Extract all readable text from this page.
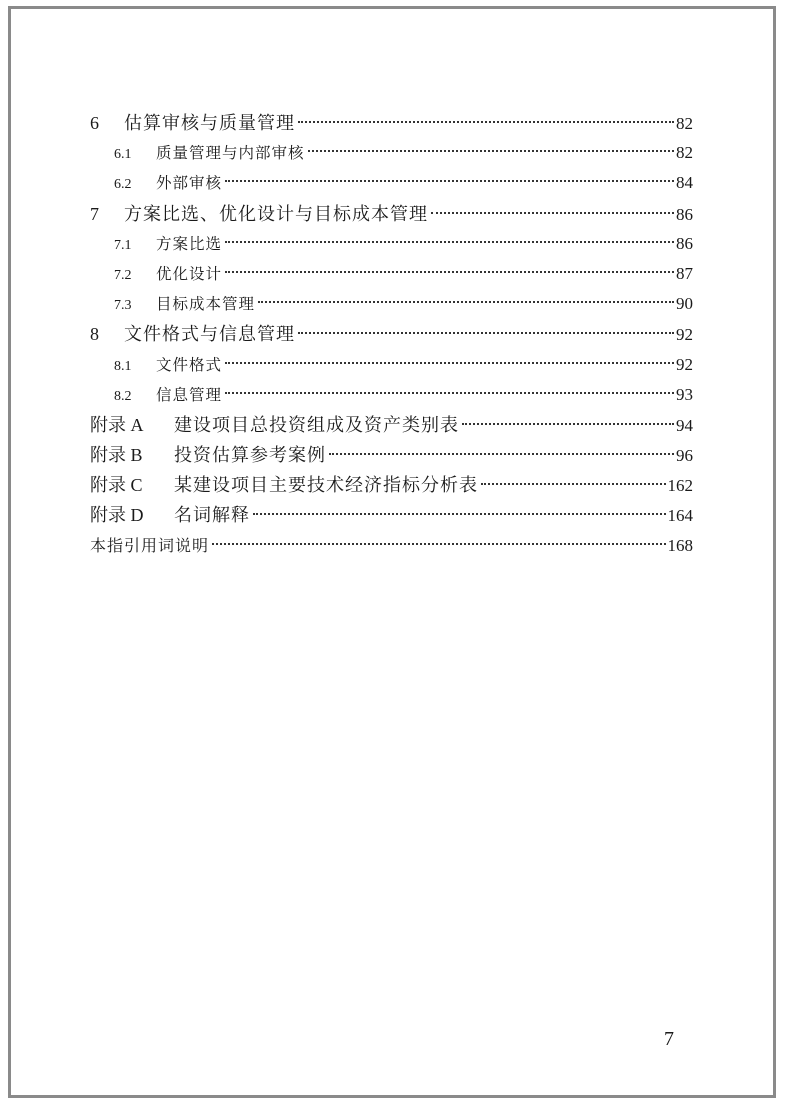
6	估算审核与质量管理	82
6.1	质量管理与内部审核	82
6.2	外部审核	84
7	方案比选、优化设计与目标成本管理	86
7.1	方案比选	86
7.2	优化设计	87
7.3	目标成本管理	90
8	文件格式与信息管理	92
8.1	文件格式	92
8.2	信息管理	93
附录 A	建设项目总投资组成及资产类别表	94
附录 B	投资估算参考案例	96
附录 C	某建设项目主要技术经济指标分析表	162
附录 D	名词解释	164
本指引用词说明	168
7
